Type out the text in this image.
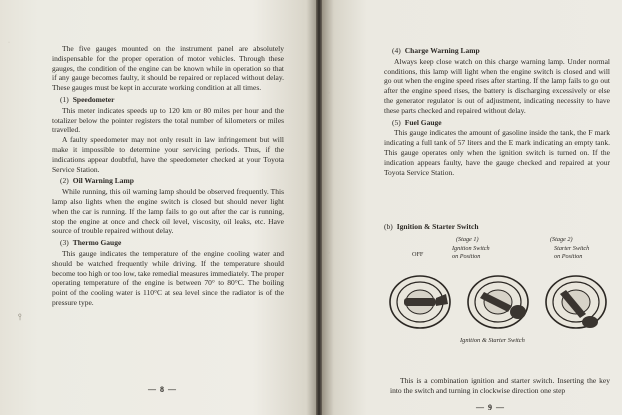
·
⫯

The five gauges mounted on the instrument panel are absolutely indispensable for the proper operation of motor vehicles. Through these gauges, the condition of the engine can be known while in operation so that if any gauge becomes faulty, it should be repaired or replaced without delay. These gauges must be kept in accurate working condition at all times.

(1) Speedometer

This meter indicates speeds up to 120 km or 80 miles per hour and the totalizer below the pointer registers the total number of kilometers or miles travelled.

A faulty speedometer may not only result in law infringement but will make it impossible to determine your servicing periods. Thus, if the indications appear doubtful, have the speedometer checked at your Toyota Service Station.

(2) Oil Warning Lamp

While running, this oil warning lamp should be observed frequently. This lamp also lights when the engine switch is closed but should never light when the car is running. If the lamp fails to go out after the car is running, stop the engine at once and check oil level, viscosity, oil leaks, etc. Have source of trouble repaired without delay.

(3) Thermo Gauge

This gauge indicates the temperature of the engine cooling water and should be watched frequently while driving. If the temperature should become too high or too low, take remedial measures immediately. The proper operating temperature of the engine is between 70° to 80°C. The boiling point of the cooling water is 110°C at sea level since the radiator is of the pressure type.

— 8 —
›
›

(4) Charge Warning Lamp

Always keep close watch on this charge warning lamp. Under normal conditions, this lamp will light when the engine switch is closed and will go out when the engine speed rises after starting. If the lamp fails to go out after the engine speed rises, the battery is discharging excessively or else the generator regulator is out of adjustment, indicating necessity to have these parts checked and repaired without delay.

(5) Fuel Gauge

This gauge indicates the amount of gasoline inside the tank, the F mark indicating a full tank of 57 liters and the E mark indicating an empty tank. This gauge operates only when the ignition switch is turned on. If the indication appears faulty, have the gauge checked and repaired at your Toyota Service Station.

(b) Ignition & Starter Switch

(Stage 1)	(Stage 2)
Ignition Switch
on Position
Starter Switch
on Position
OFF
Ignition & Starter Switch

This is a combination ignition and starter switch. Inserting the key into the switch and turning in clockwise direction one step

— 9 —
